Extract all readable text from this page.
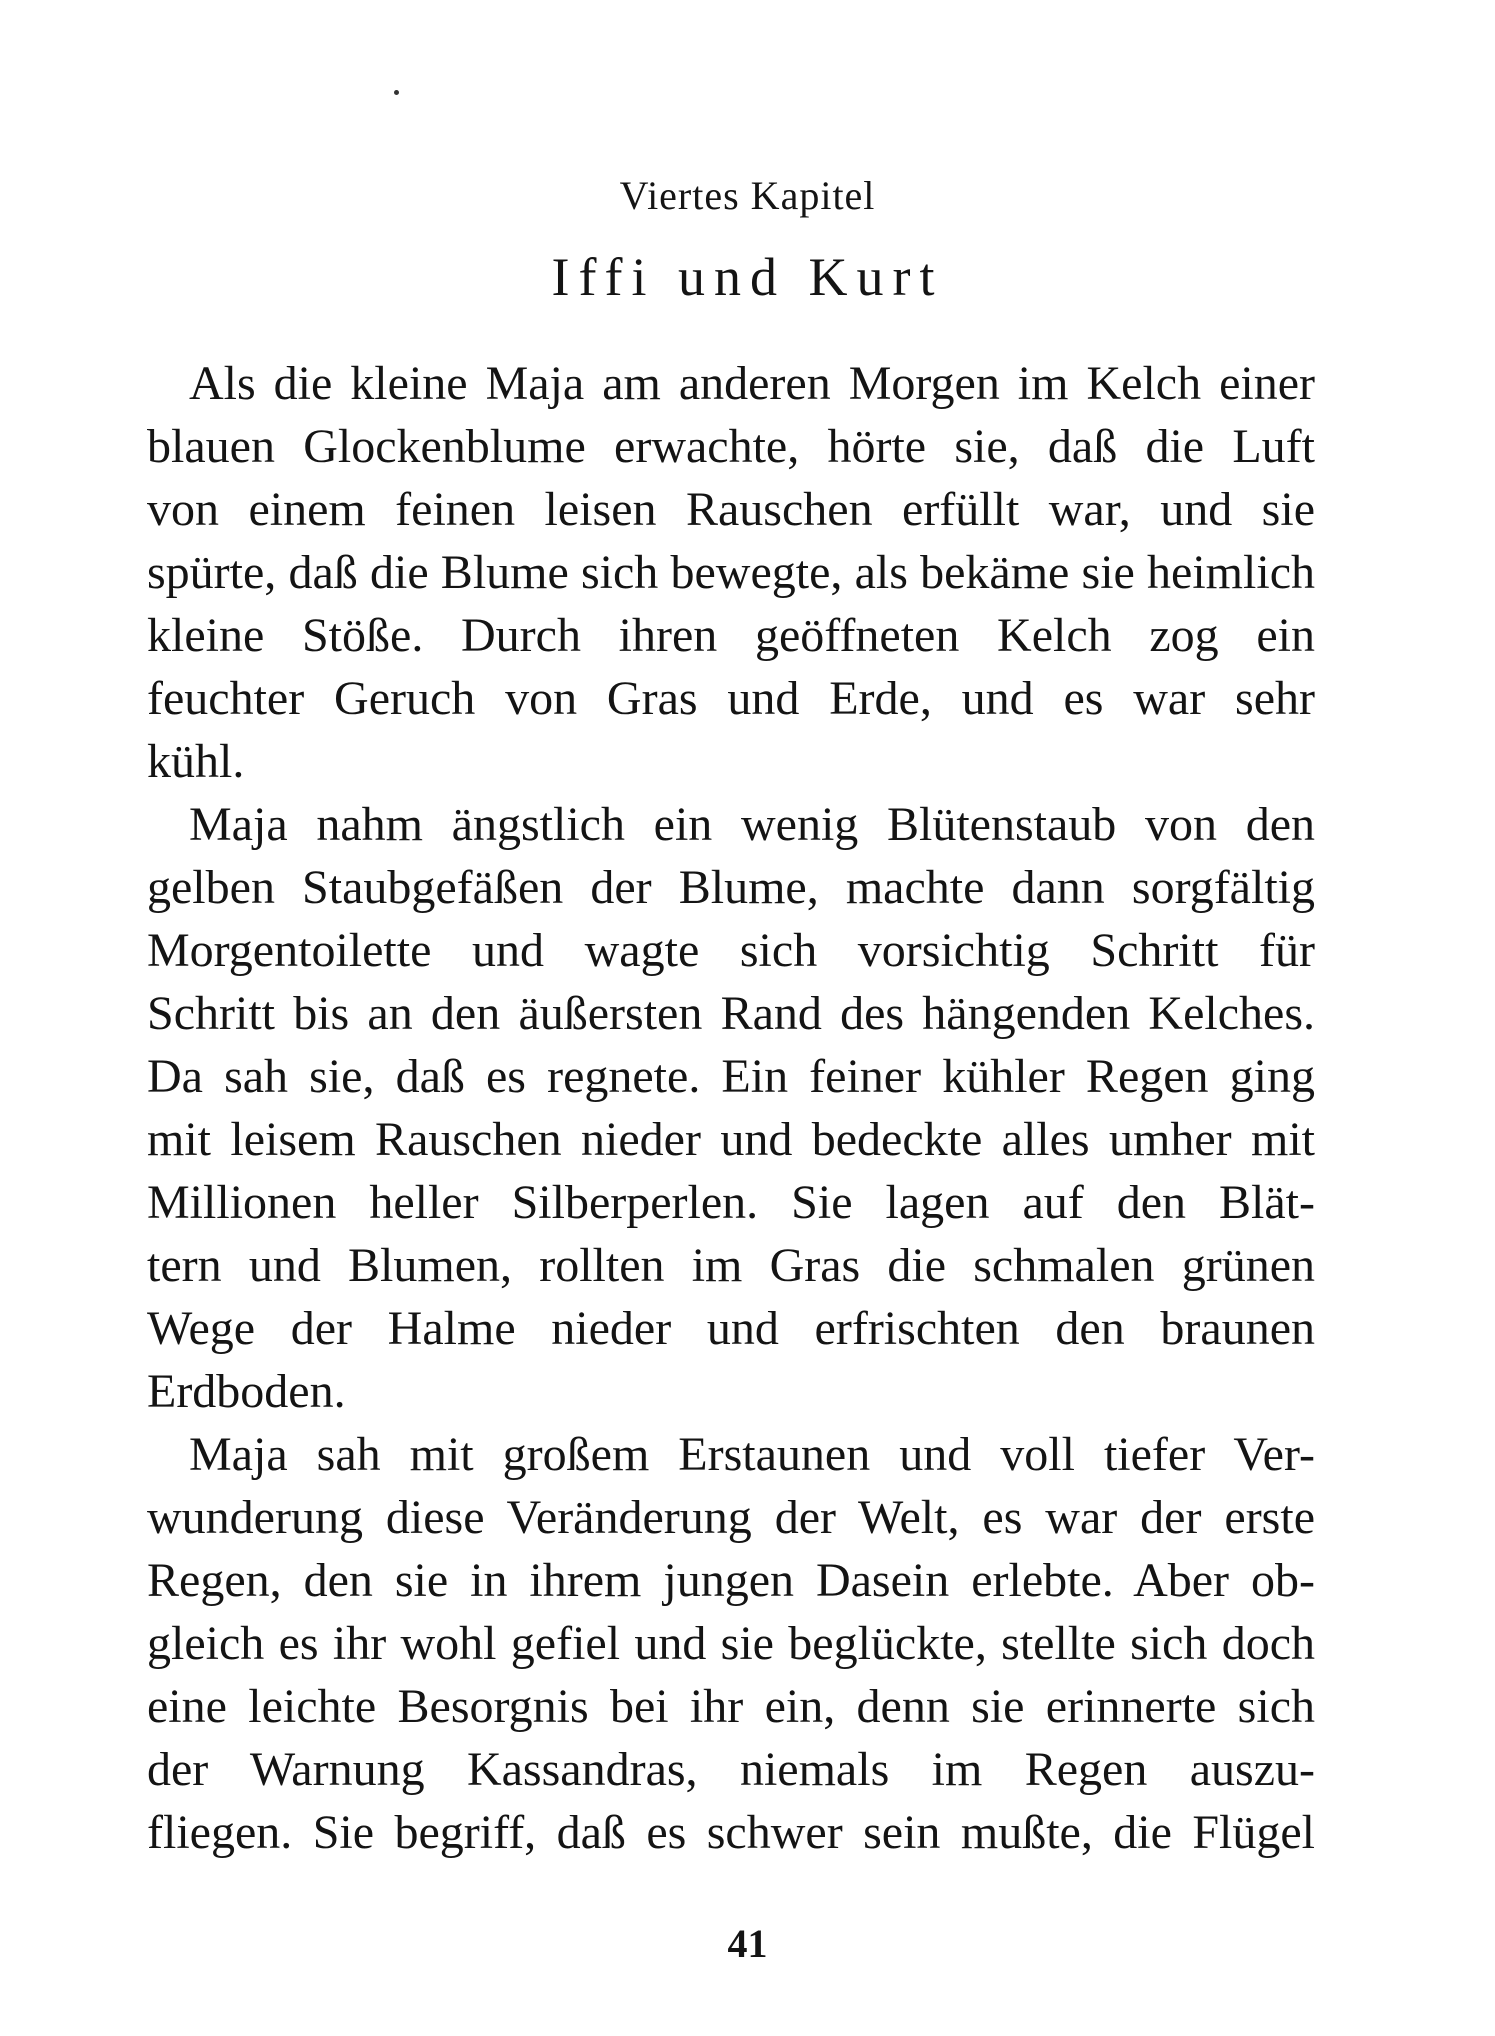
Viertes Kapitel
Iffi und Kurt
Als die kleine Maja am anderen Morgen im Kelch einer
blauen Glockenblume erwachte, hörte sie, daß die Luft
von einem feinen leisen Rauschen erfüllt war, und sie
spürte, daß die Blume sich bewegte, als bekäme sie heimlich
kleine Stöße. Durch ihren geöffneten Kelch zog ein
feuchter Geruch von Gras und Erde, und es war sehr
kühl.
Maja nahm ängstlich ein wenig Blütenstaub von den
gelben Staubgefäßen der Blume, machte dann sorgfältig
Morgentoilette und wagte sich vorsichtig Schritt für
Schritt bis an den äußersten Rand des hängenden Kelches.
Da sah sie, daß es regnete. Ein feiner kühler Regen ging
mit leisem Rauschen nieder und bedeckte alles umher mit
Millionen heller Silberperlen. Sie lagen auf den Blät-
tern und Blumen, rollten im Gras die schmalen grünen
Wege der Halme nieder und erfrischten den braunen
Erdboden.
Maja sah mit großem Erstaunen und voll tiefer Ver-
wunderung diese Veränderung der Welt, es war der erste
Regen, den sie in ihrem jungen Dasein erlebte. Aber ob-
gleich es ihr wohl gefiel und sie beglückte, stellte sich doch
eine leichte Besorgnis bei ihr ein, denn sie erinnerte sich
der Warnung Kassandras, niemals im Regen auszu-
fliegen. Sie begriff, daß es schwer sein mußte, die Flügel
41
